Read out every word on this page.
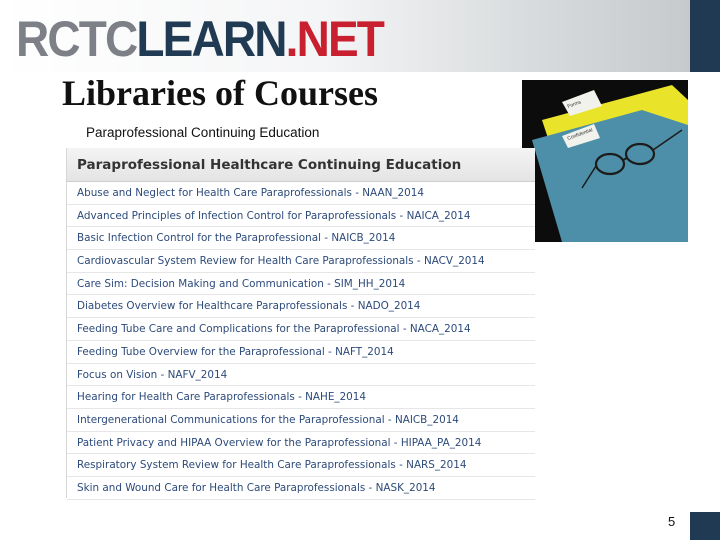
RCTCLEARN.NET
Libraries of Courses
Paraprofessional Continuing Education
Forms
Confidential
Paraprofessional Healthcare Continuing Education
Abuse and Neglect for Health Care Paraprofessionals - NAAN_2014
Advanced Principles of Infection Control for Paraprofessionals - NAICA_2014
Basic Infection Control for the Paraprofessional - NAICB_2014
Cardiovascular System Review for Health Care Paraprofessionals - NACV_2014
Care Sim: Decision Making and Communication - SIM_HH_2014
Diabetes Overview for Healthcare Paraprofessionals - NADO_2014
Feeding Tube Care and Complications for the Paraprofessional - NACA_2014
Feeding Tube Overview for the Paraprofessional - NAFT_2014
Focus on Vision - NAFV_2014
Hearing for Health Care Paraprofessionals - NAHE_2014
Intergenerational Communications for the Paraprofessional - NAICB_2014
Patient Privacy and HIPAA Overview for the Paraprofessional - HIPAA_PA_2014
Respiratory System Review for Health Care Paraprofessionals - NARS_2014
Skin and Wound Care for Health Care Paraprofessionals - NASK_2014
5
